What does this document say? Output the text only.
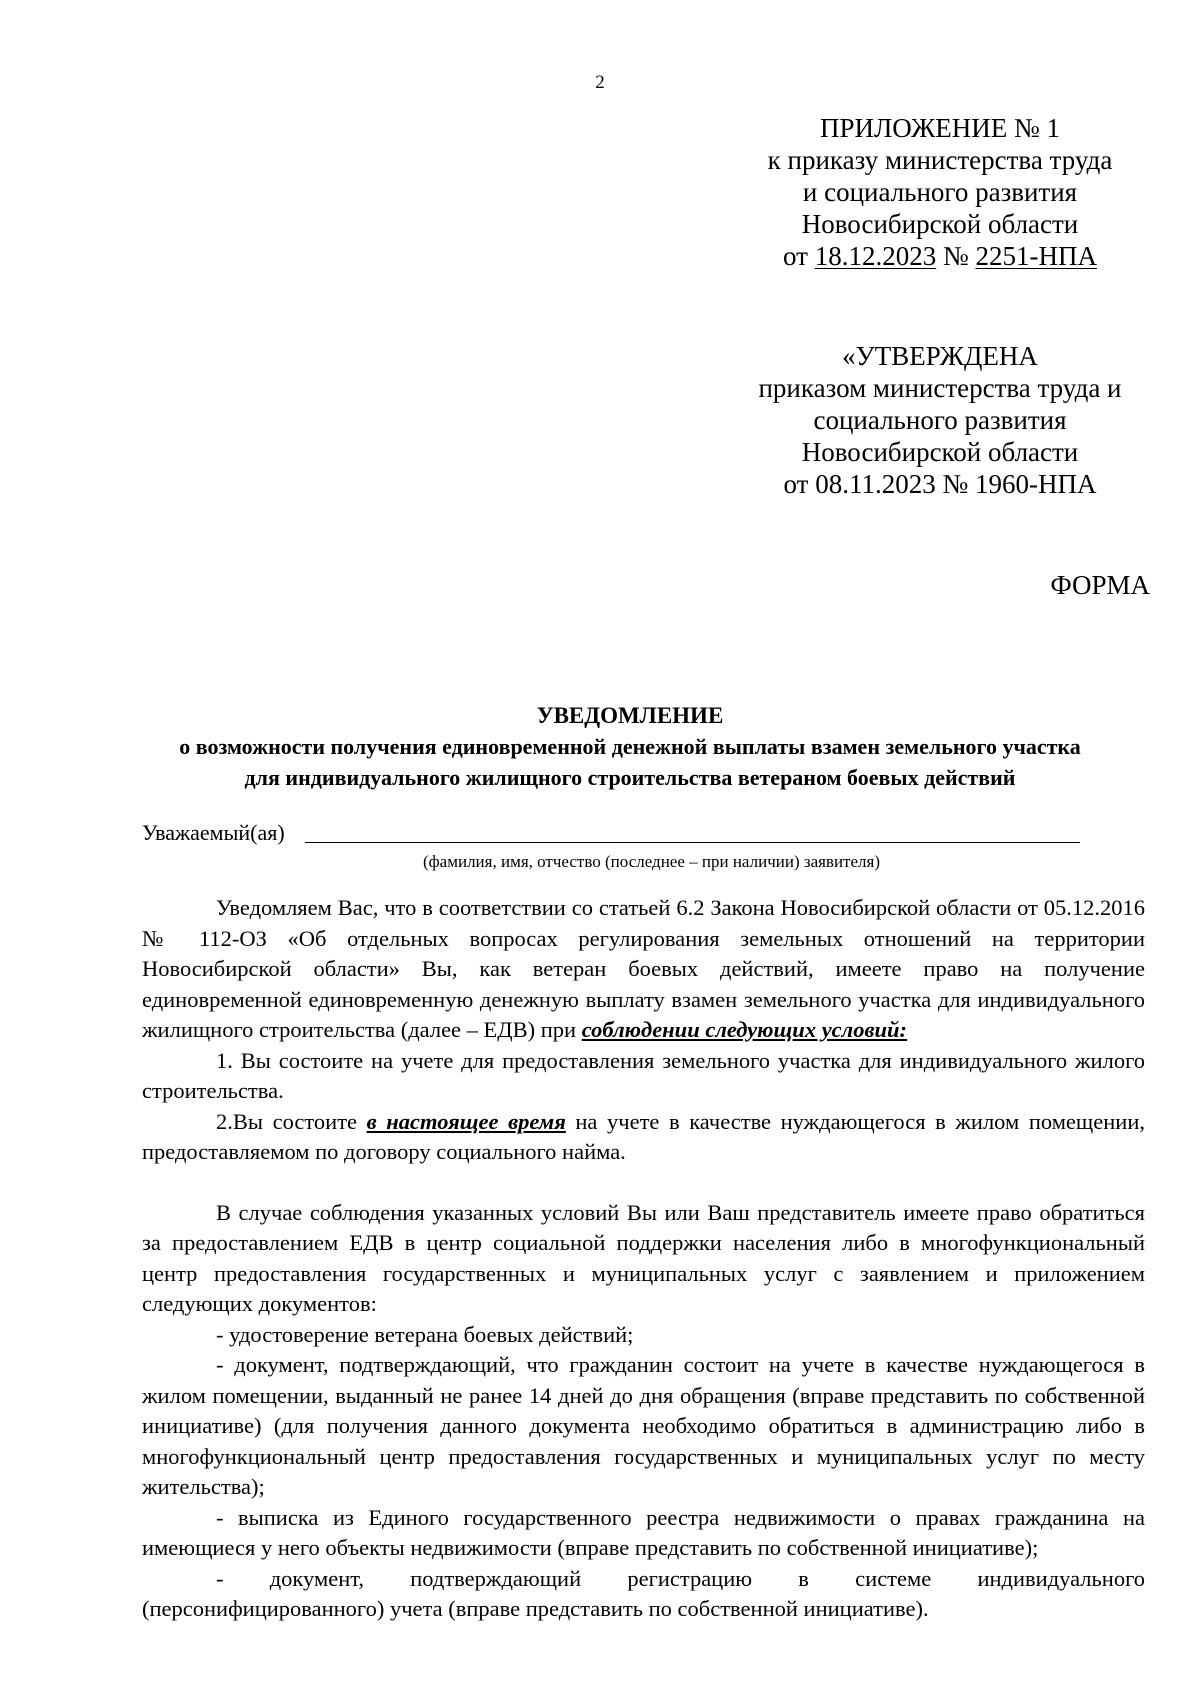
2
ПРИЛОЖЕНИЕ № 1
к приказу министерства труда
и социального развития
Новосибирской области
от 18.12.2023 № 2251-НПА
«УТВЕРЖДЕНА
приказом министерства труда и
социального развития
Новосибирской области
от 08.11.2023 № 1960-НПА
ФОРМА
УВЕДОМЛЕНИЕ
о возможности получения единовременной денежной выплаты взамен земельного участка
для индивидуального жилищного строительства ветераном боевых действий
Уважаемый(ая)
(фамилия, имя, отчество (последнее – при наличии) заявителя)

Уведомляем Вас, что в соответствии со статьей 6.2 Закона Новосибирской области от 05.12.2016 № 112-ОЗ «Об отдельных вопросах регулирования земельных отношений на территории Новосибирской области» Вы, как ветеран боевых действий, имеете право на получение единовременной единовременную денежную выплату взамен земельного участка для индивидуального жилищного строительства (далее – ЕДВ) при соблюдении следующих условий:

1. Вы состоите на учете для предоставления земельного участка для индивидуального жилого строительства.

2.Вы состоите в настоящее время на учете в качестве нуждающегося в жилом помещении, предоставляемом по договору социального найма.

В случае соблюдения указанных условий Вы или Ваш представитель имеете право обратиться за предоставлением ЕДВ в центр социальной поддержки населения либо в многофункциональный центр предоставления государственных и муниципальных услуг с заявлением и приложением следующих документов:

- удостоверение ветерана боевых действий;

- документ, подтверждающий, что гражданин состоит на учете в качестве нуждающегося в жилом помещении, выданный не ранее 14 дней до дня обращения (вправе представить по собственной инициативе) (для получения данного документа необходимо обратиться в администрацию либо в многофункциональный центр предоставления государственных и муниципальных услуг по месту жительства);

- выписка из Единого государственного реестра недвижимости о правах гражданина на имеющиеся у него объекты недвижимости (вправе представить по собственной инициативе);

- документ, подтверждающий регистрацию в системе индивидуального (персонифицированного) учета (вправе представить по собственной инициативе).
